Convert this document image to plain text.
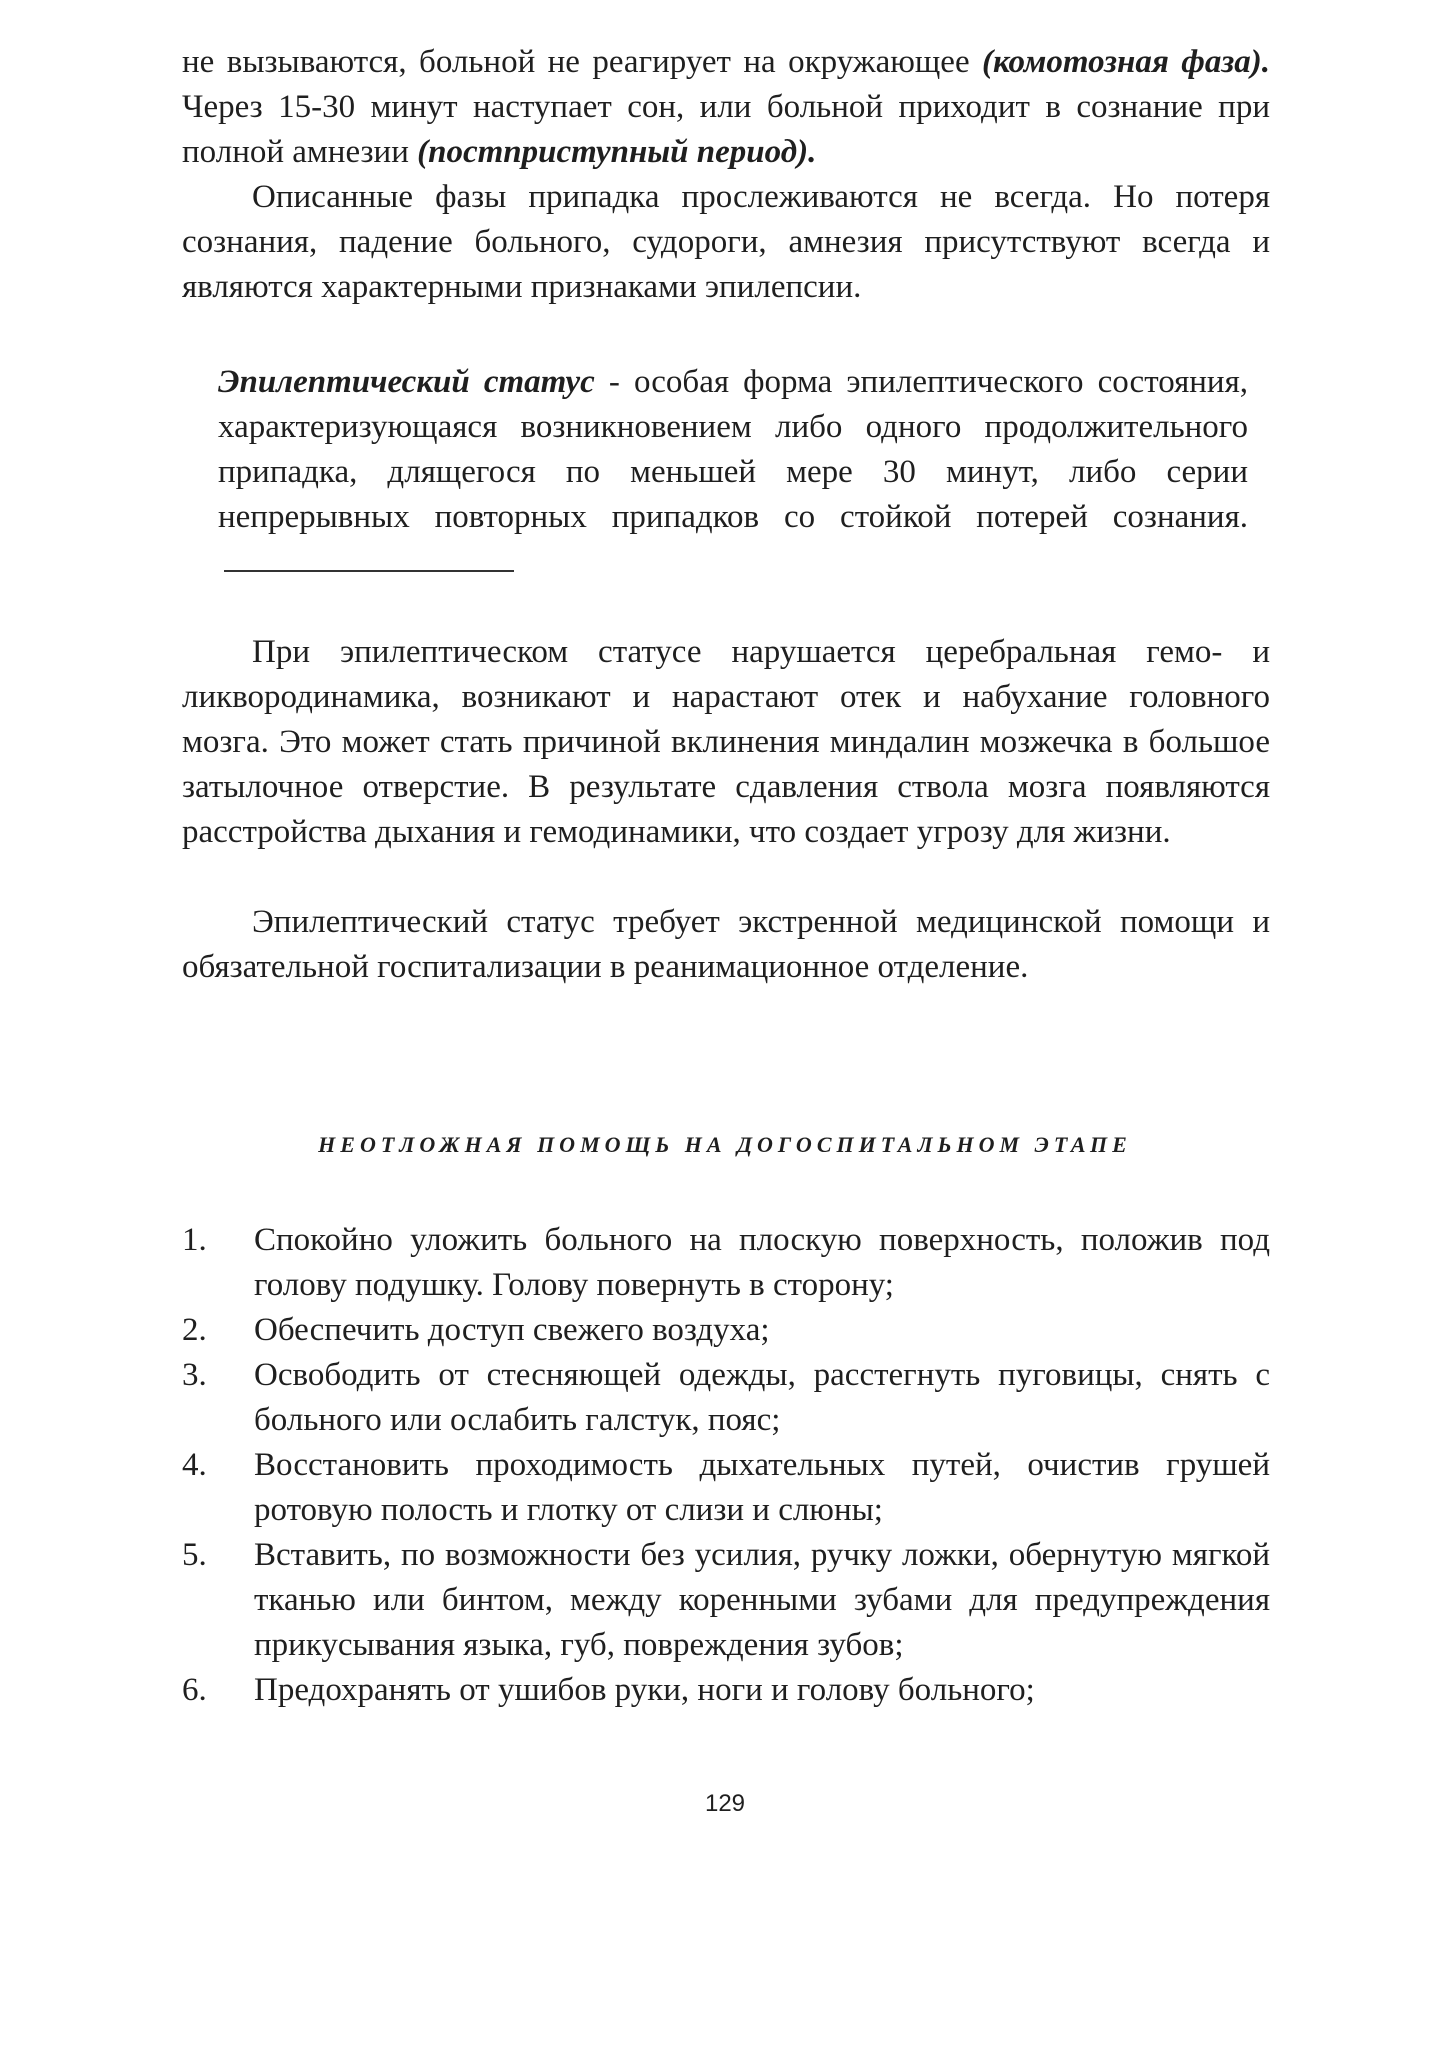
не вызываются, больной не реагирует на окружающее (комотозная фаза). Через 15-30 минут наступает сон, или больной приходит в сознание при полной амнезии (постприступный период).

Описанные фазы припадка прослеживаются не всегда. Но потеря сознания, падение больного, судороги, амнезия присутствуют всегда и являются характерными признаками эпилепсии.

Эпилептический статус - особая форма эпилептического состояния, характеризующаяся возникновением либо одного продолжительного припадка, длящегося по меньшей мере 30 минут, либо серии непрерывных повторных припадков со стойкой потерей сознания.

При эпилептическом статусе нарушается церебральная гемо- и ликвородинамика, возникают и нарастают отек и набухание головного мозга. Это может стать причиной вклинения миндалин мозжечка в большое затылочное отверстие. В результате сдавления ствола мозга появляются расстройства дыхания и гемодинамики, что создает угрозу для жизни.

Эпилептический статус требует экстренной медицинской помощи и обязательной госпитализации в реанимационное отделение.

НЕОТЛОЖНАЯ ПОМОЩЬ НА ДОГОСПИТАЛЬНОМ ЭТАПЕ
1. Спокойно уложить больного на плоскую поверхность, положив под голову подушку. Голову повернуть в сторону;
2. Обеспечить доступ свежего воздуха;
3. Освободить от стесняющей одежды, расстегнуть пуговицы, снять с больного или ослабить галстук, пояс;
4. Восстановить проходимость дыхательных путей, очистив грушей ротовую полость и глотку от слизи и слюны;
5. Вставить, по возможности без усилия, ручку ложки, обернутую мягкой тканью или бинтом, между коренными зубами для предупреждения прикусывания языка, губ, повреждения зубов;
6. Предохранять от ушибов руки, ноги и голову больного;
129
